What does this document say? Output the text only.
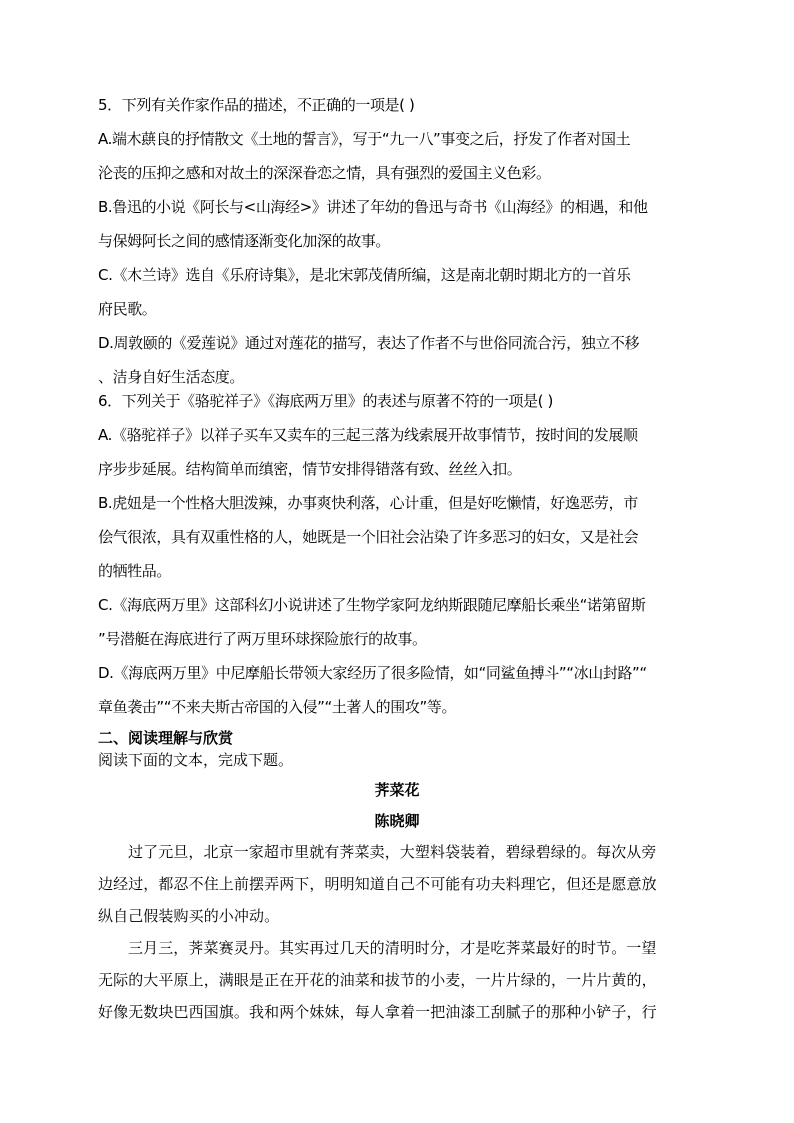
5．下列有关作家作品的描述，不正确的一项是( )
A.端木蕻良的抒情散文《土地的誓言》，写于“九一八”事变之后，抒发了作者对国土
沦丧的压抑之感和对故土的深深眷恋之情，具有强烈的爱国主义色彩。
B.鲁迅的小说《阿长与<山海经>》讲述了年幼的鲁迅与奇书《山海经》的相遇，和他
与保姆阿长之间的感情逐渐变化加深的故事。
C.《木兰诗》选自《乐府诗集》，是北宋郭茂倩所编，这是南北朝时期北方的一首乐
府民歌。
D.周敦颐的《爱莲说》通过对莲花的描写，表达了作者不与世俗同流合污，独立不移
、洁身自好生活态度。
6．下列关于《骆驼祥子》《海底两万里》的表述与原著不符的一项是( )
A.《骆驼祥子》以祥子买车又卖车的三起三落为线索展开故事情节，按时间的发展顺
序步步延展。结构简单而缜密，情节安排得错落有致、丝丝入扣。
B.虎妞是一个性格大胆泼辣，办事爽快利落，心计重，但是好吃懒情，好逸恶劳，市
侩气很浓，具有双重性格的人，她既是一个旧社会沾染了许多恶习的妇女，又是社会
的牺牲品。
C.《海底两万里》这部科幻小说讲述了生物学家阿龙纳斯跟随尼摩船长乘坐“诺第留斯
”号潜艇在海底进行了两万里环球探险旅行的故事。
D.《海底两万里》中尼摩船长带领大家经历了很多险情，如“同鲨鱼搏斗”“冰山封路”“
章鱼袭击”“不来夫斯古帝国的入侵”“土著人的围攻”等。
二、阅读理解与欣赏
阅读下面的文本，完成下题。
荠菜花
陈晓卿
过了元旦，北京一家超市里就有荠菜卖，大塑料袋装着，碧绿碧绿的。每次从旁
边经过，都忍不住上前摆弄两下，明明知道自己不可能有功夫料理它，但还是愿意放
纵自己假装购买的小冲动。
三月三，荠菜赛灵丹。其实再过几天的清明时分，才是吃荠菜最好的时节。一望
无际的大平原上，满眼是正在开花的油菜和拔节的小麦，一片片绿的，一片片黄的，
好像无数块巴西国旗。我和两个妹妹，每人拿着一把油漆工刮腻子的那种小铲子，行
